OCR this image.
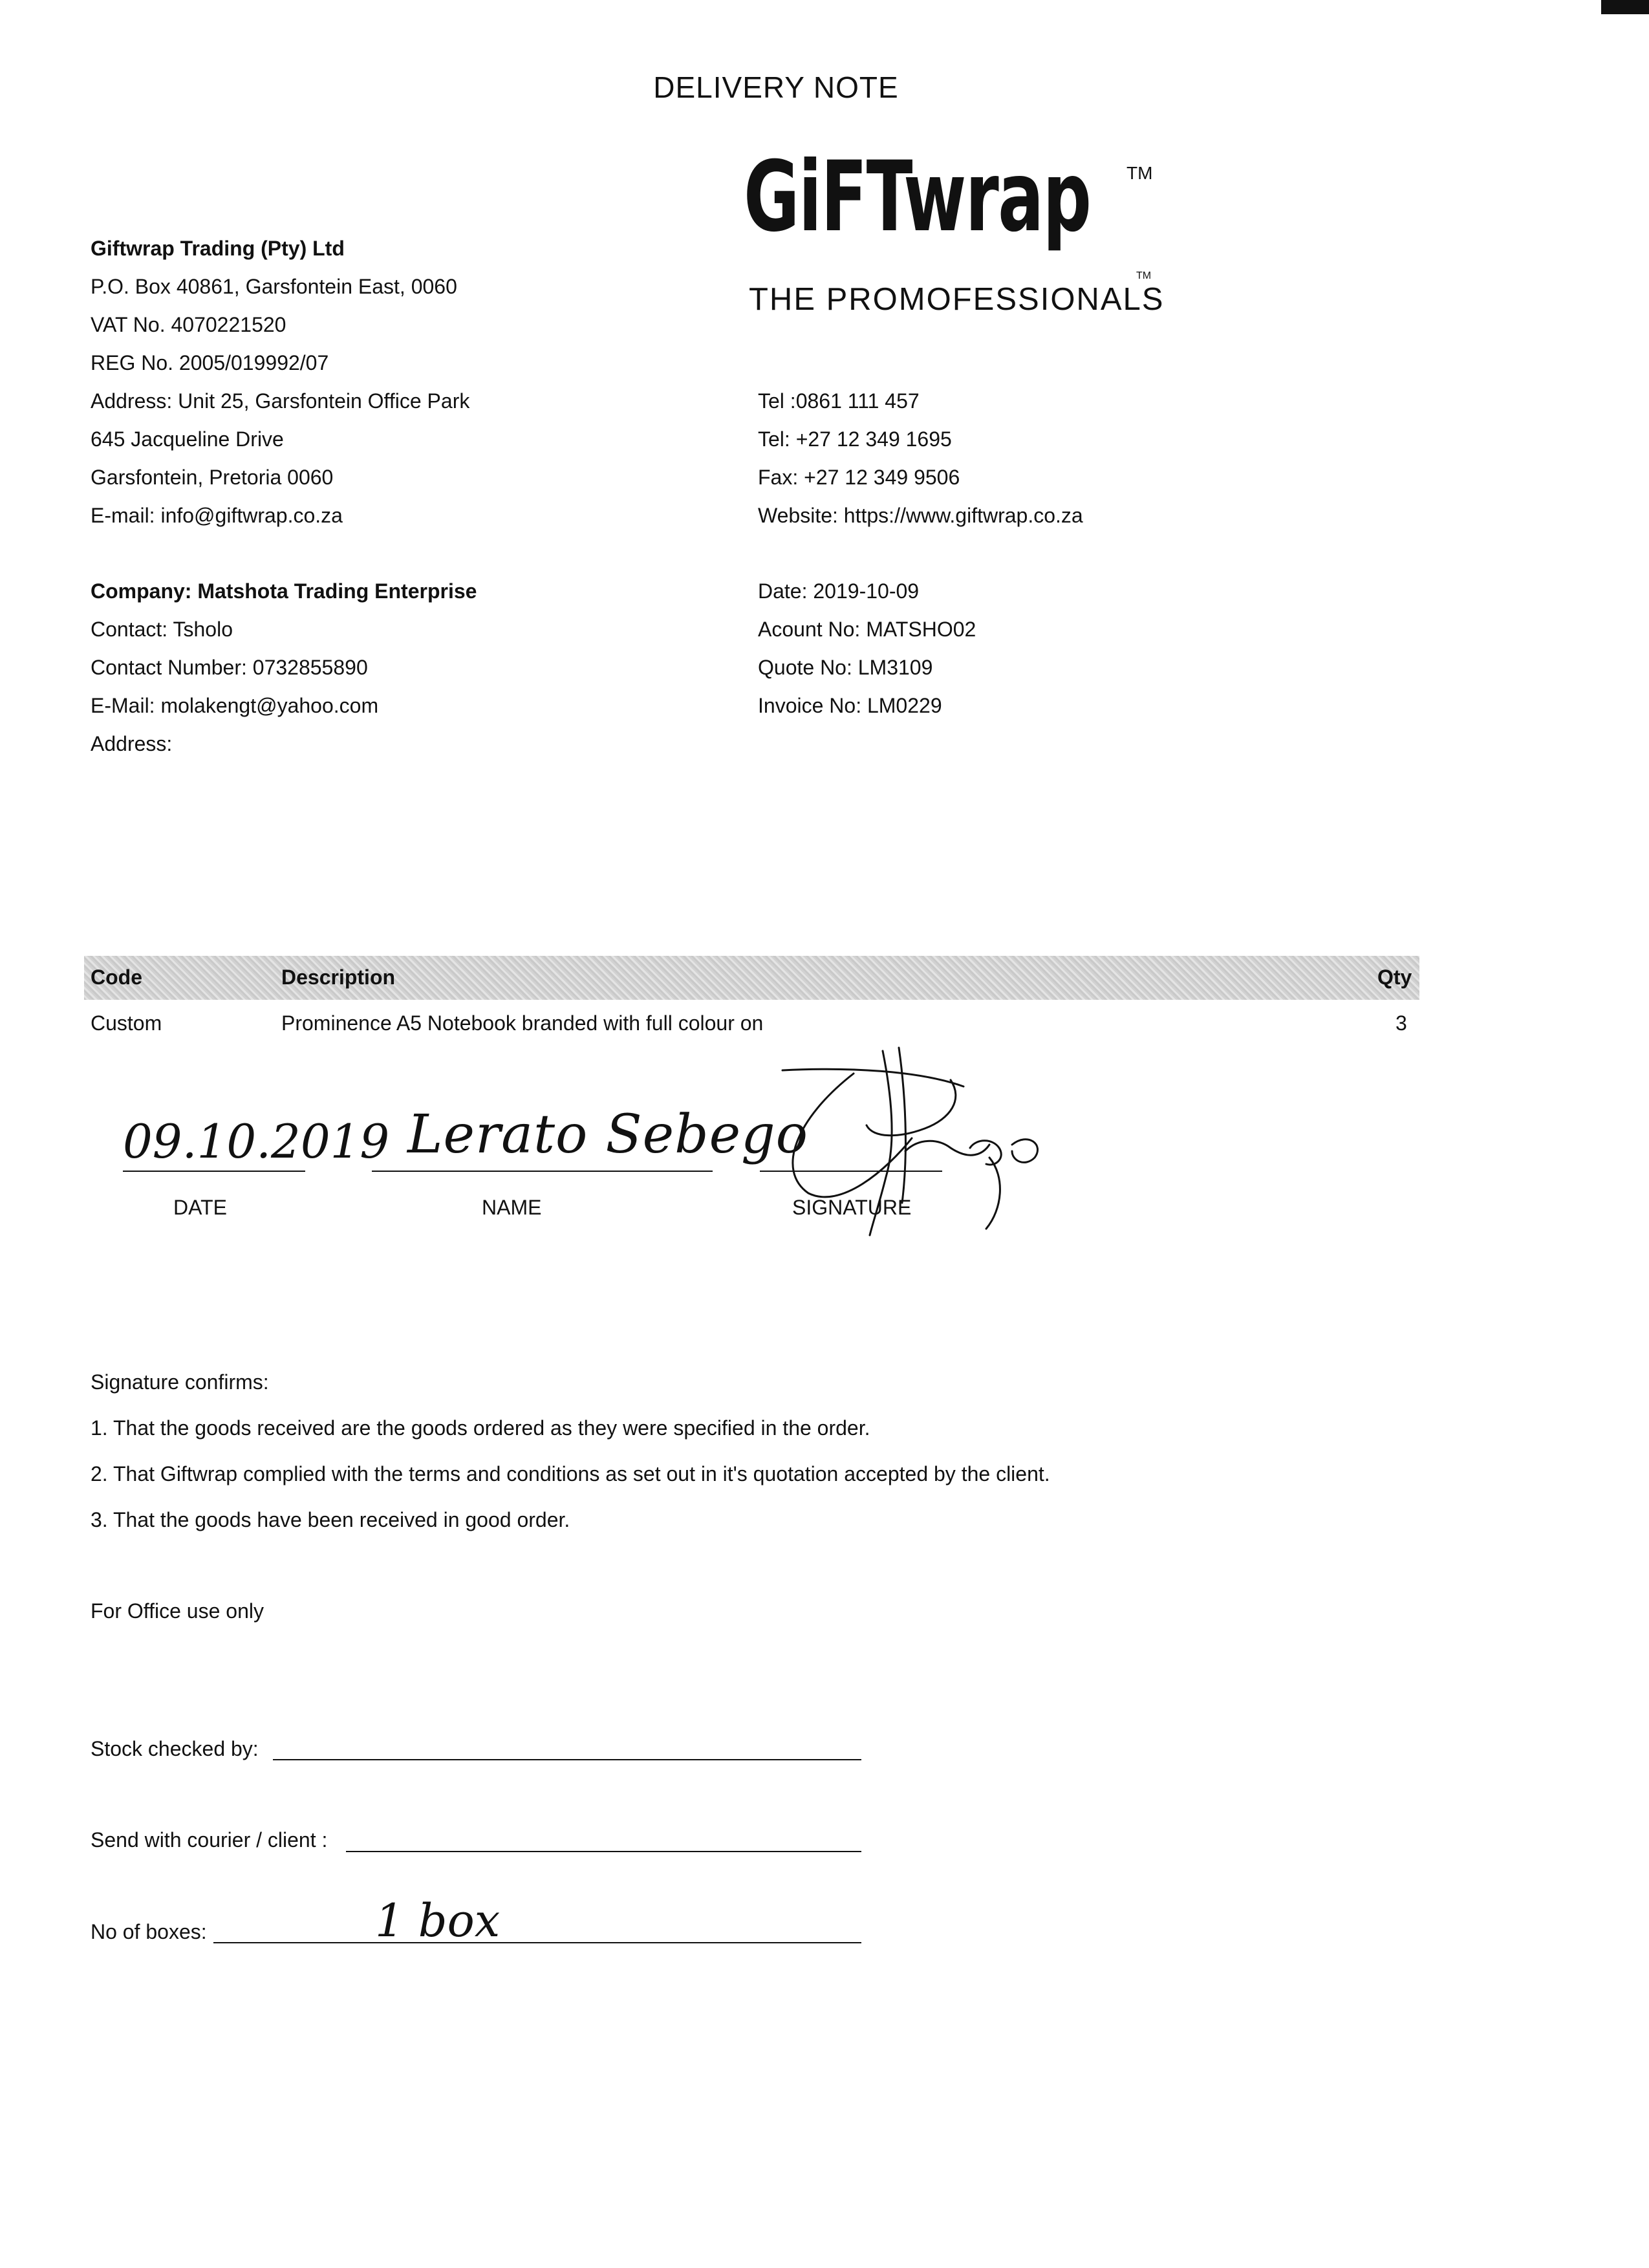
DELIVERY NOTE
GiFTwrap TM
THE PROMOFESSIONALS
TM
Giftwrap Trading (Pty) Ltd
P.O. Box 40861, Garsfontein East, 0060
VAT No. 4070221520
REG No. 2005/019992/07
Address: Unit 25, Garsfontein Office Park
645 Jacqueline Drive
Garsfontein, Pretoria 0060
E-mail: info@giftwrap.co.za
Tel :0861 111 457
Tel: +27 12 349 1695
Fax: +27 12 349 9506
Website: https://www.giftwrap.co.za
Company: Matshota Trading Enterprise
Contact: Tsholo
Contact Number: 0732855890
E-Mail: molakengt@yahoo.com
Address:
Date: 2019-10-09
Acount No: MATSHO02
Quote No: LM3109
Invoice No: LM0229
Code	Description	Qty
Custom	Prominence A5 Notebook branded with full colour on	3
09.10.2019 Lerato Sebego
DATE	NAME	SIGNATURE
Signature confirms:
1. That the goods received are the goods ordered as they were specified in the order.
2. That Giftwrap complied with the terms and conditions as set out in it's quotation accepted by the client.
3. That the goods have been received in good order.
For Office use only
Stock checked by:
Send with courier / client :
No of boxes:	1 box
